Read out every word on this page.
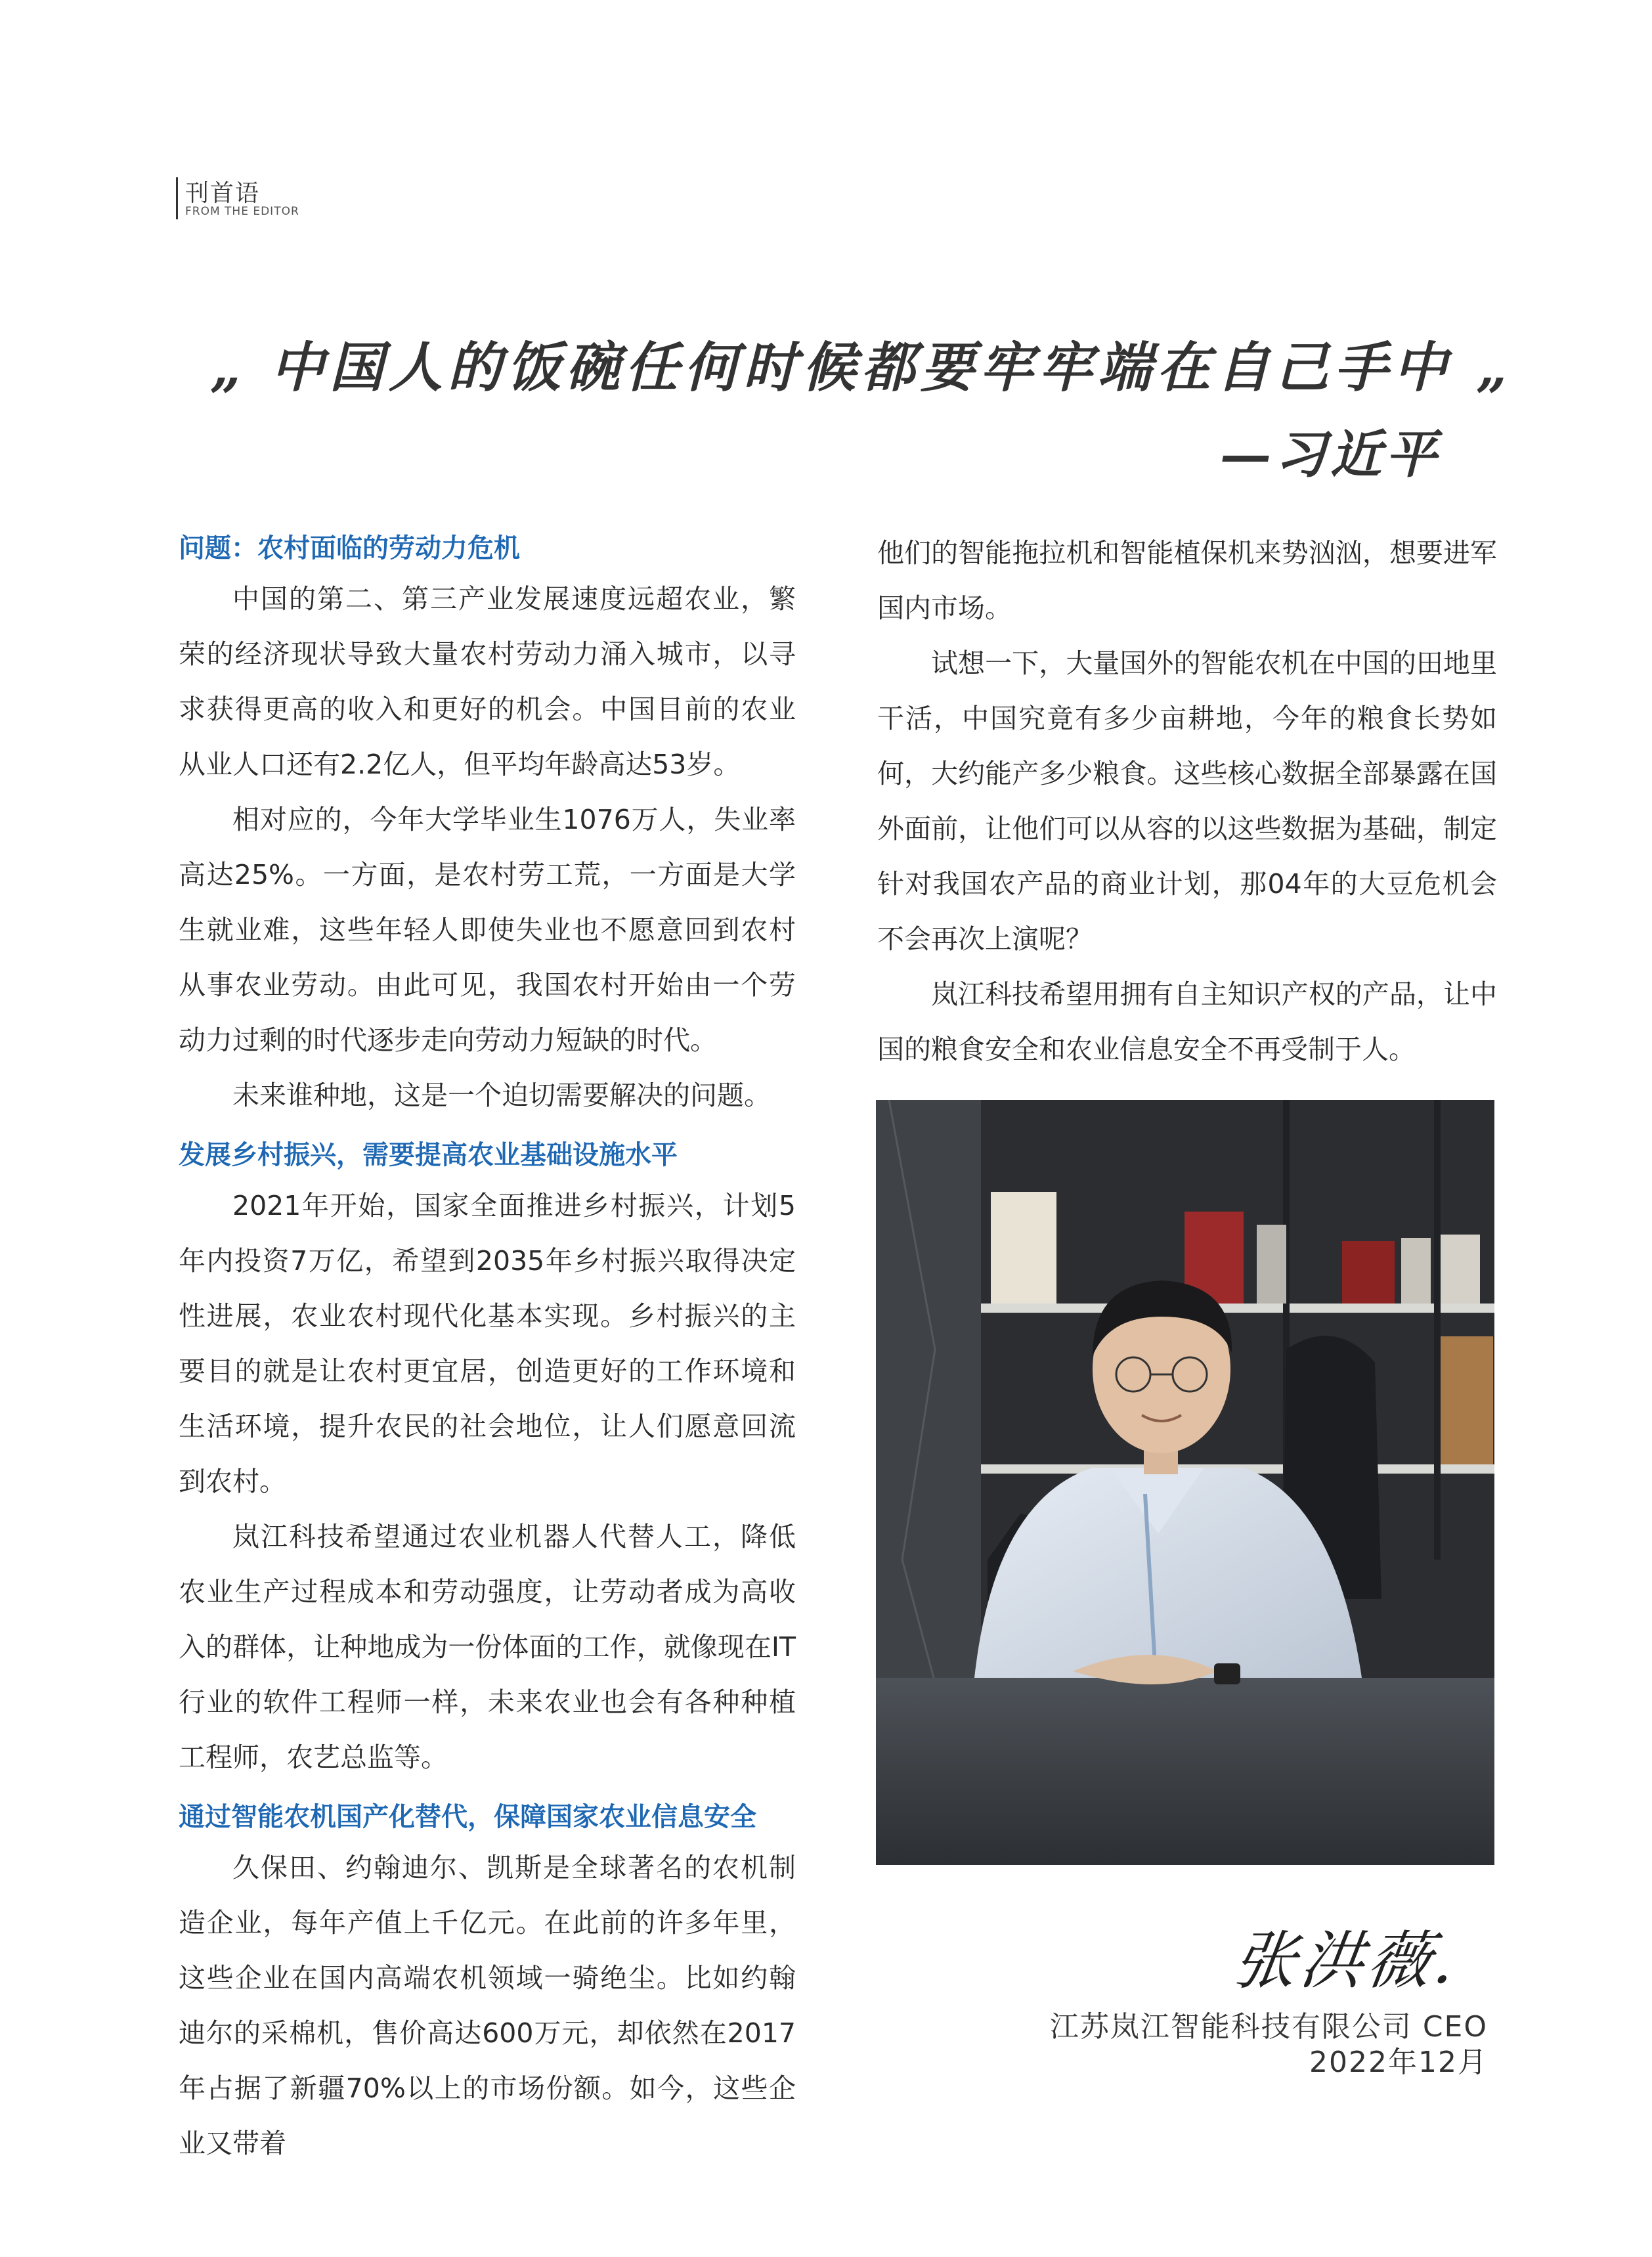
刊首语
FROM THE EDITOR
„ 中国人的饭碗任何时候都要牢牢端在自己手中 „
—习近平
问题：农村面临的劳动力危机

中国的第二、第三产业发展速度远超农业，繁荣的经济现状导致大量农村劳动力涌入城市，以寻求获得更高的收入和更好的机会。中国目前的农业从业人口还有2.2亿人，但平均年龄高达53岁。

相对应的，今年大学毕业生1076万人，失业率高达25%。一方面，是农村劳工荒，一方面是大学生就业难，这些年轻人即使失业也不愿意回到农村从事农业劳动。由此可见，我国农村开始由一个劳动力过剩的时代逐步走向劳动力短缺的时代。

未来谁种地，这是一个迫切需要解决的问题。

发展乡村振兴，需要提高农业基础设施水平

2021年开始，国家全面推进乡村振兴，计划5年内投资7万亿，希望到2035年乡村振兴取得决定性进展，农业农村现代化基本实现。乡村振兴的主要目的就是让农村更宜居，创造更好的工作环境和生活环境，提升农民的社会地位，让人们愿意回流到农村。

岚江科技希望通过农业机器人代替人工，降低农业生产过程成本和劳动强度，让劳动者成为高收入的群体，让种地成为一份体面的工作，就像现在IT行业的软件工程师一样，未来农业也会有各种种植工程师，农艺总监等。

通过智能农机国产化替代，保障国家农业信息安全

久保田、约翰迪尔、凯斯是全球著名的农机制造企业，每年产值上千亿元。在此前的许多年里，这些企业在国内高端农机领域一骑绝尘。比如约翰迪尔的采棉机，售价高达600万元，却依然在2017年占据了新疆70%以上的市场份额。如今，这些企业又带着

他们的智能拖拉机和智能植保机来势汹汹，想要进军国内市场。

试想一下，大量国外的智能农机在中国的田地里干活，中国究竟有多少亩耕地，今年的粮食长势如何，大约能产多少粮食。这些核心数据全部暴露在国外面前，让他们可以从容的以这些数据为基础，制定针对我国农产品的商业计划，那04年的大豆危机会不会再次上演呢？

岚江科技希望用拥有自主知识产权的产品，让中国的粮食安全和农业信息安全不再受制于人。

张洪薇.
江苏岚江智能科技有限公司 CEO
2022年12月
